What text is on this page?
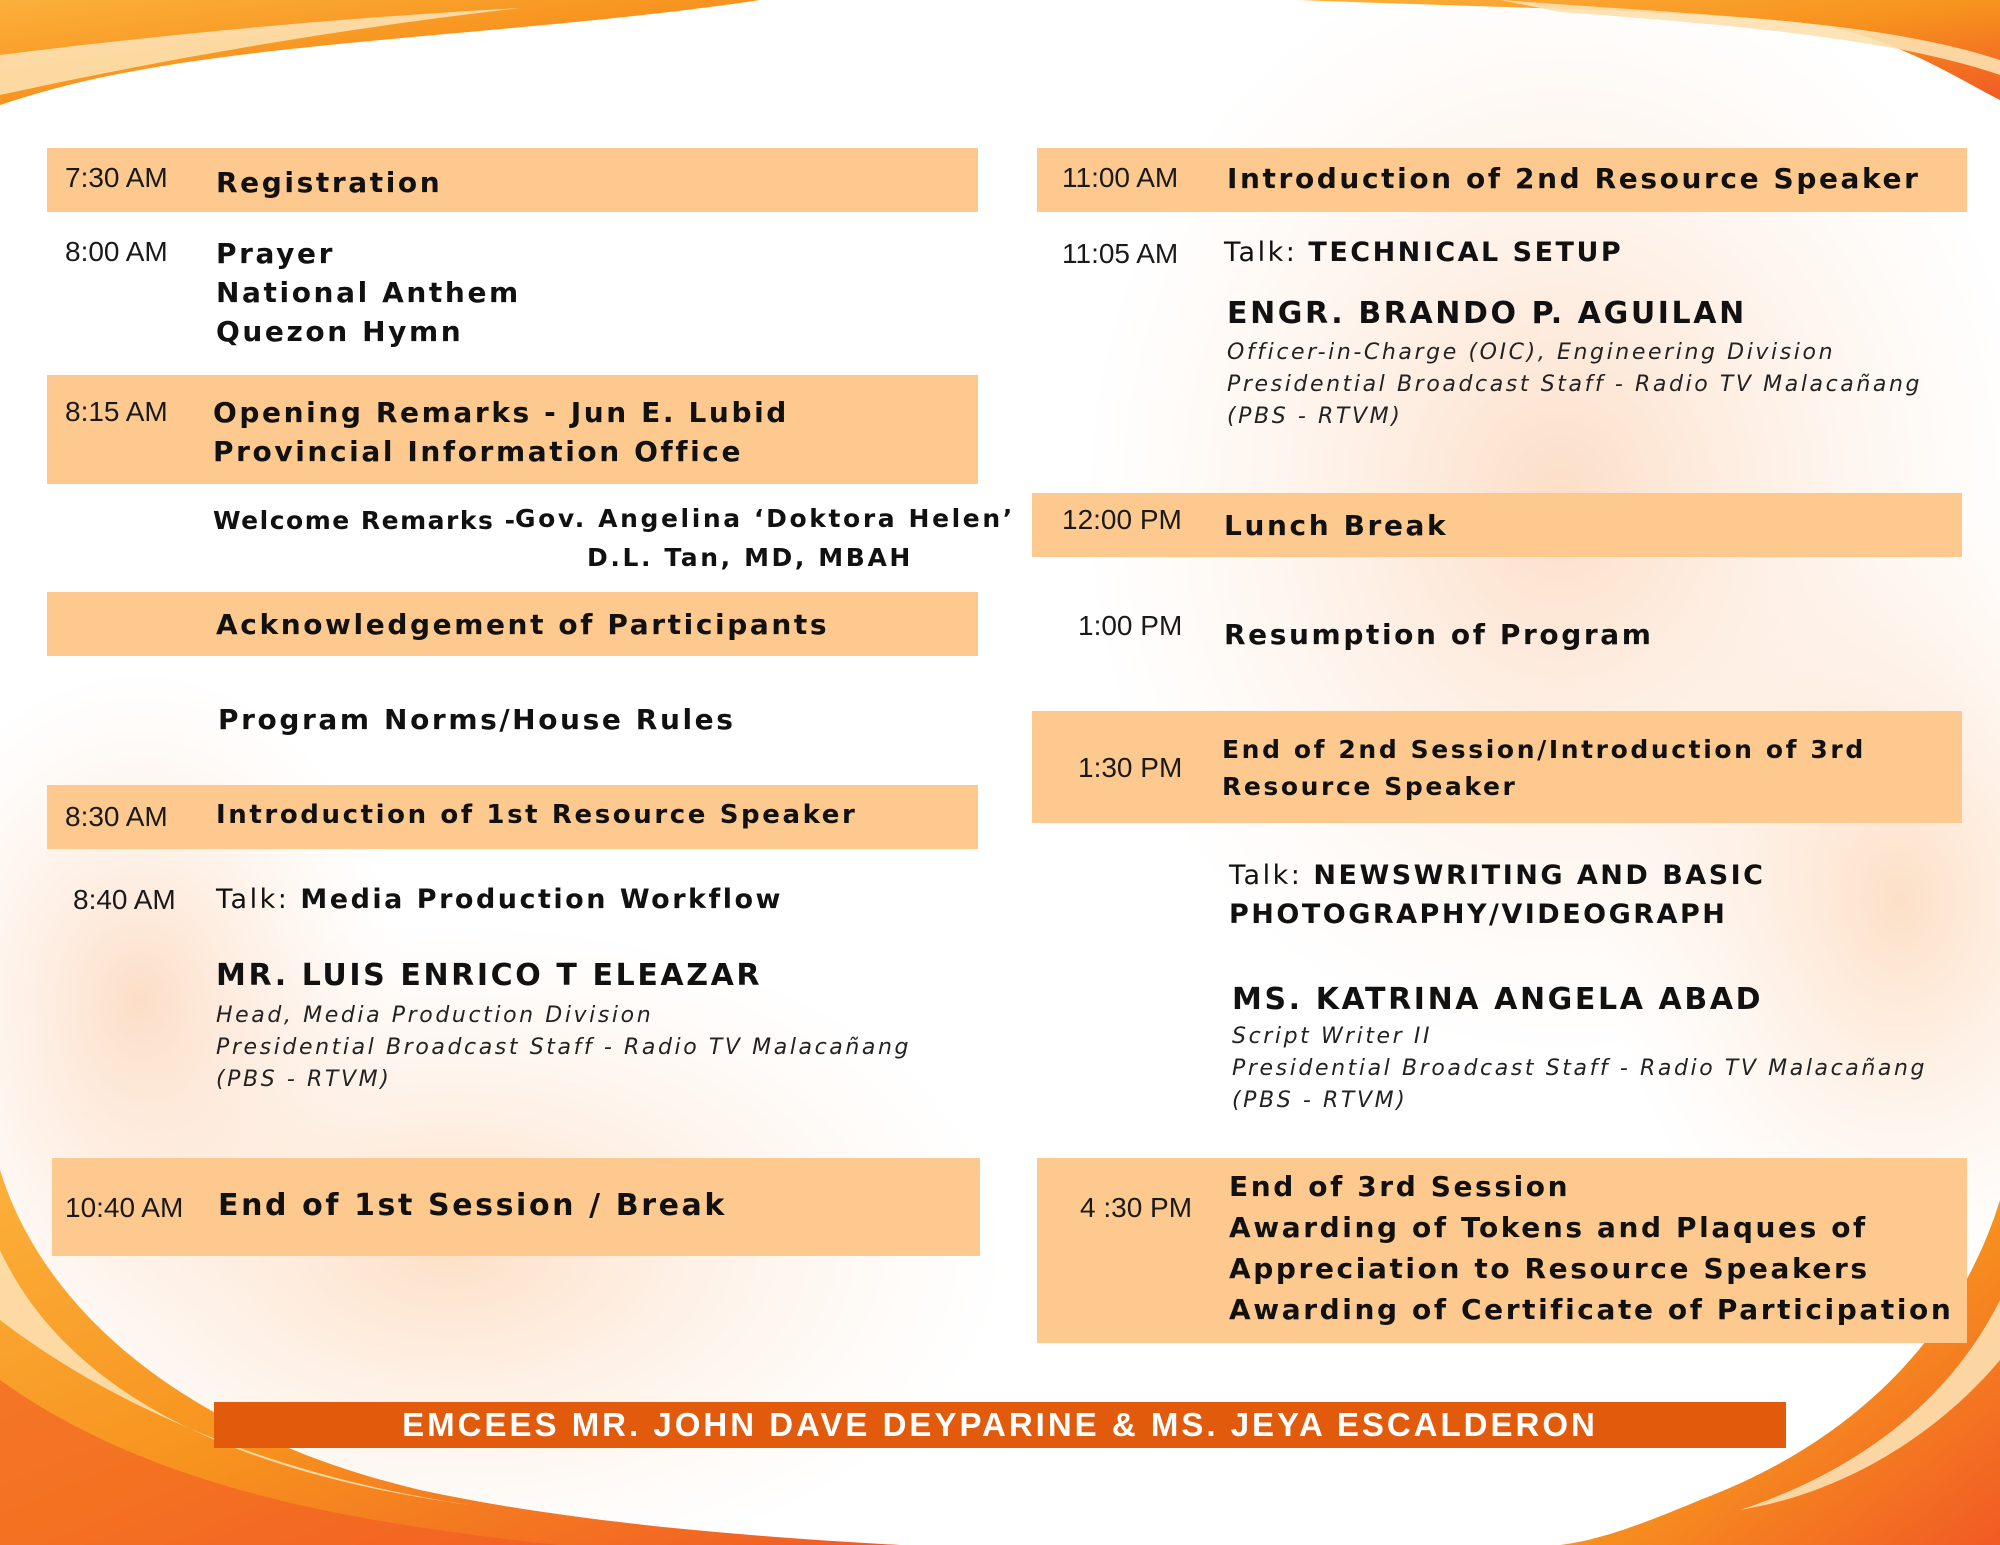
7:30 AM Registration
8:00 AM Prayer
National Anthem
Quezon Hymn
8:15 AM Opening Remarks - Jun E. Lubid
Provincial Information Office
Welcome Remarks -
Gov. Angelina ‘Doktora Helen’
D.L. Tan, MD, MBAH
Acknowledgement of Participants
Program Norms/House Rules
8:30 AM Introduction of 1st Resource Speaker
8:40 AM Talk: Media Production Workflow
MR. LUIS ENRICO T ELEAZAR
Head, Media Production Division
Presidential Broadcast Staff - Radio TV Malacañang
(PBS - RTVM)
10:40 AM End of 1st Session / Break
11:00 AM Introduction of 2nd Resource Speaker
11:05 AM Talk: TECHNICAL SETUP
ENGR. BRANDO P. AGUILAN
Officer-in-Charge (OIC), Engineering Division
Presidential Broadcast Staff - Radio TV Malacañang
(PBS - RTVM)
12:00 PM Lunch Break
1:00 PM Resumption of Program
1:30 PM
End of 2nd Session/Introduction of 3rd
Resource Speaker
Talk: NEWSWRITING AND BASIC
PHOTOGRAPHY/VIDEOGRAPH
MS. KATRINA ANGELA ABAD
Script Writer II
Presidential Broadcast Staff - Radio TV Malacañang
(PBS - RTVM)
4 :30 PM
End of 3rd Session
Awarding of Tokens and Plaques of
Appreciation to Resource Speakers
Awarding of Certificate of Participation
EMCEES MR. JOHN DAVE DEYPARINE & MS. JEYA ESCALDERON
